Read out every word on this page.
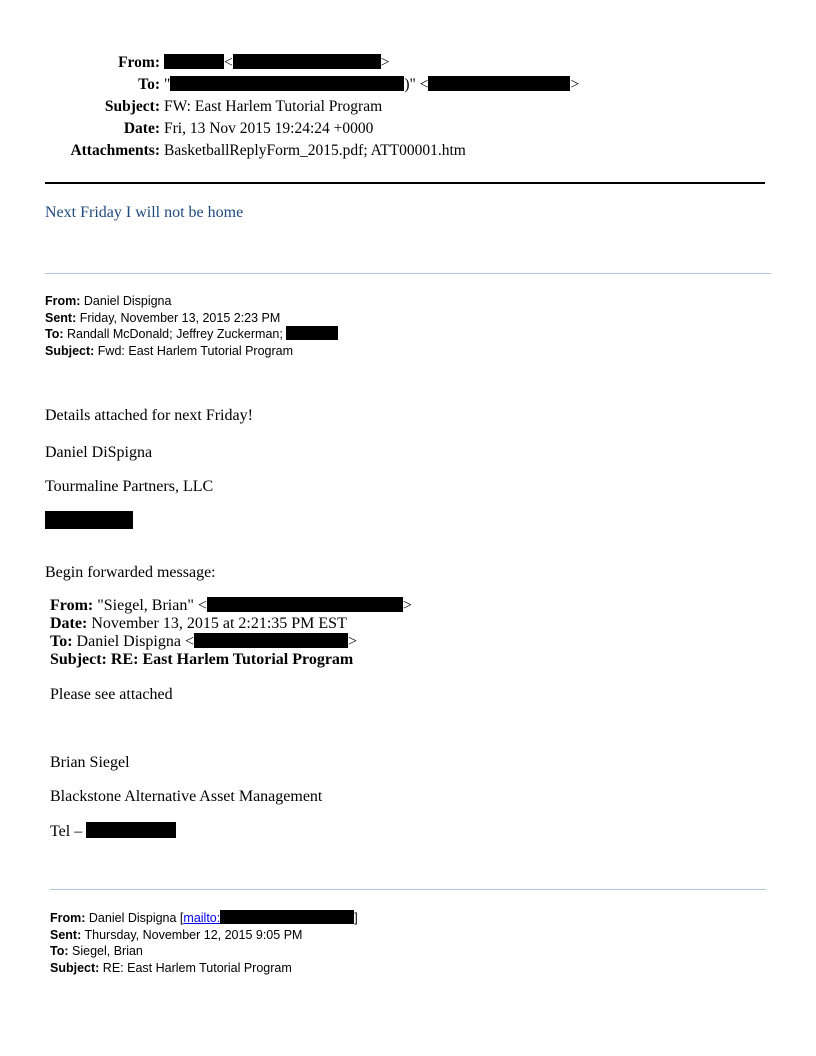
From:	<	>
To: "	)" <	>
Subject: FW: East Harlem Tutorial Program
Date: Fri, 13 Nov 2015 19:24:24 +0000
Attachments: BasketballReplyForm_2015.pdf; ATT00001.htm
Next Friday I will not be home
From: Daniel Dispigna
Sent: Friday, November 13, 2015 2:23 PM
To: Randall McDonald; Jeffrey Zuckerman;
Subject: Fwd: East Harlem Tutorial Program
Details attached for next Friday!
Daniel DiSpigna
Tourmaline Partners, LLC
Begin forwarded message:
From: "Siegel, Brian" <	>
Date: November 13, 2015 at 2:21:35 PM EST
To: Daniel Dispigna <	>
Subject: RE: East Harlem Tutorial Program
Please see attached
Brian Siegel
Blackstone Alternative Asset Management
Tel –
From: Daniel Dispigna [mailto:	]
Sent: Thursday, November 12, 2015 9:05 PM
To: Siegel, Brian
Subject: RE: East Harlem Tutorial Program
